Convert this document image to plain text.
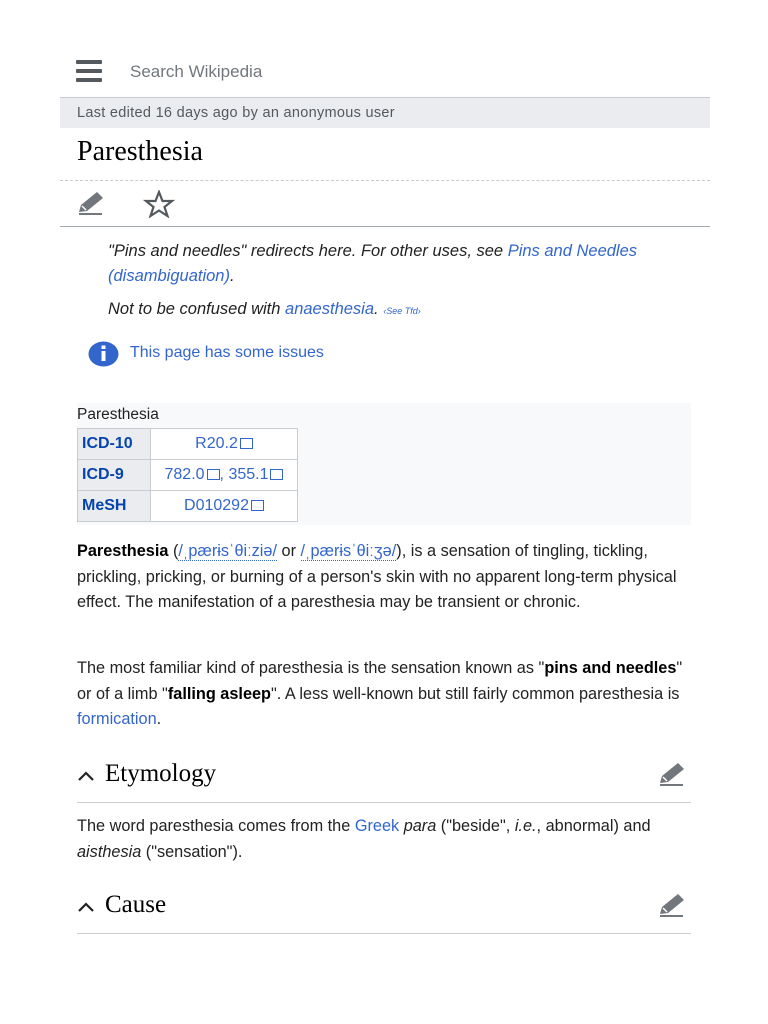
Search Wikipedia
Last edited 16 days ago by an anonymous user
Paresthesia
"Pins and needles" redirects here. For other uses, see Pins and Needles (disambiguation).
Not to be confused with anaesthesia. ‹See Tfd›
This page has some issues
Paresthesia
ICD-10	R20.2
ICD-9	782.0 , 355.1
MeSH	D010292
Paresthesia (/ˌpærɨsˈθiːziə/ or /ˌpærɨsˈθiːʒə/), is a sensation of tingling, tickling, prickling, pricking, or burning of a person's skin with no apparent long-term physical effect. The manifestation of a paresthesia may be transient or chronic.
The most familiar kind of paresthesia is the sensation known as "pins and needles" or of a limb "falling asleep". A less well-known but still fairly common paresthesia is formication.
Etymology
The word paresthesia comes from the Greek para ("beside", i.e., abnormal) and aisthesia ("sensation").
Cause
